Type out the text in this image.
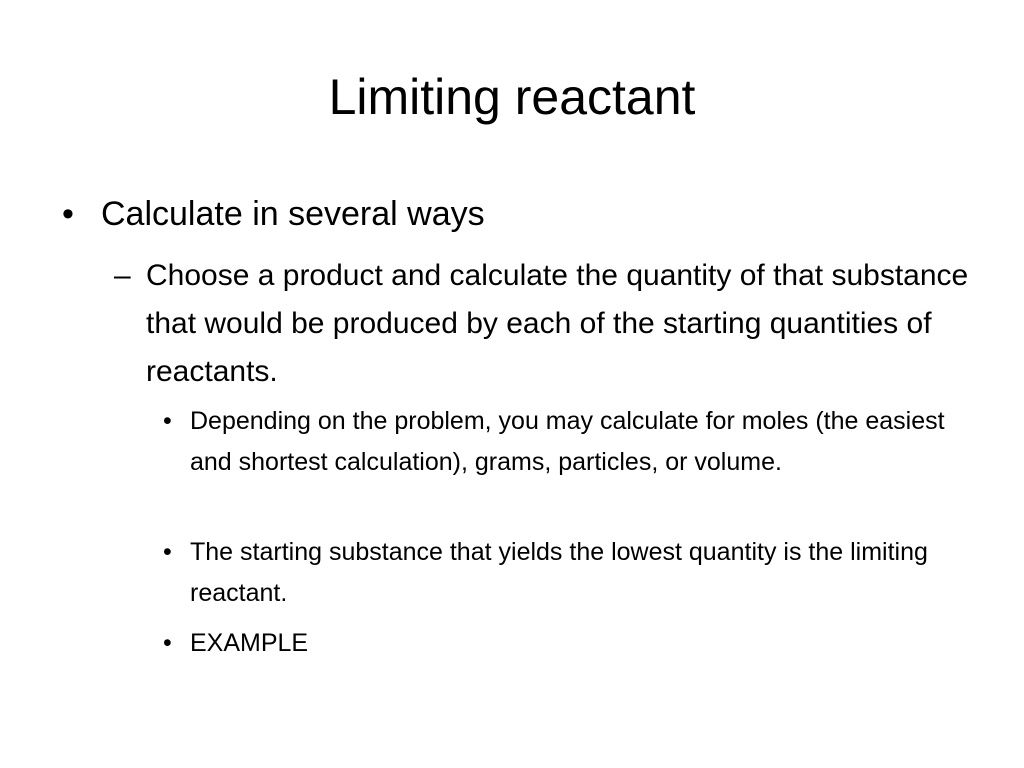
Limiting reactant
• Calculate in several ways
– Choose a product and calculate the quantity of that substance that would be produced by each of the starting quantities of reactants.
• Depending on the problem, you may calculate for moles (the easiest and shortest calculation), grams, particles, or volume.
• The starting substance that yields the lowest quantity is the limiting reactant.
• EXAMPLE
